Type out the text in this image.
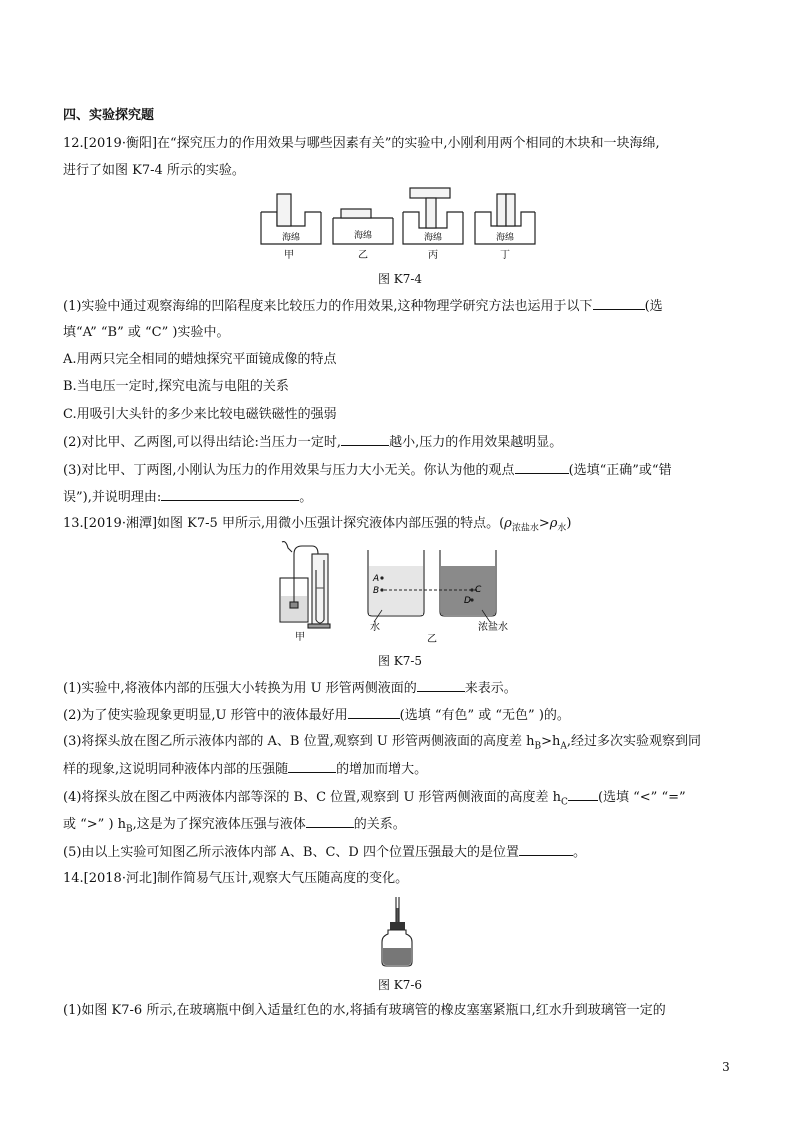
四、实验探究题
12.[2019·衡阳]在“探究压力的作用效果与哪些因素有关”的实验中,小刚利用两个相同的木块和一块海绵,
进行了如图 K7-4 所示的实验。
海绵	海绵	海绵	海绵
甲	乙	丙	丁
图 K7-4
(1)实验中通过观察海绵的凹陷程度来比较压力的作用效果,这种物理学研究方法也运用于以下	(选
填“A” “B” 或 “C” )实验中。
A.用两只完全相同的蜡烛探究平面镜成像的特点
B.当电压一定时,探究电流与电阻的关系
C.用吸引大头针的多少来比较电磁铁磁性的强弱
(2)对比甲、乙两图,可以得出结论:当压力一定时,	越小,压力的作用效果越明显。
(3)对比甲、丁两图,小刚认为压力的作用效果与压力大小无关。你认为他的观点	(选填“正确”或“错
误”),并说明理由:	。
13.[2019·湘潭]如图 K7-5 甲所示,用微小压强计探究液体内部压强的特点。$(\rho_{浓盐水}>\rho_水)$
甲
A
B	C
D
水	浓盐水
乙
图 K7-5
(1)实验中,将液体内部的压强大小转换为用 U 形管两侧液面的	来表示。
(2)为了使实验现象更明显,U 形管中的液体最好用	(选填 “有色” 或 “无色” )的。
(3)将探头放在图乙所示液体内部的 A、B 位置,观察到 U 形管两侧液面的高度差 $h_B>h_A$,经过多次实验观察到同
样的现象,这说明同种液体内部的压强随	的增加而增大。
(4)将探头放在图乙中两液体内部等深的 B、C 位置,观察到 U 形管两侧液面的高度差 $h_C$ (选填 “<” “=”
或 “>” ) $h_B$,这是为了探究液体压强与液体	的关系。
(5)由以上实验可知图乙所示液体内部 A、B、C、D 四个位置压强最大的是位置	。
14.[2018·河北]制作简易气压计,观察大气压随高度的变化。
图 K7-6
(1)如图 K7-6 所示,在玻璃瓶中倒入适量红色的水,将插有玻璃管的橡皮塞塞紧瓶口,红水升到玻璃管一定的
3
